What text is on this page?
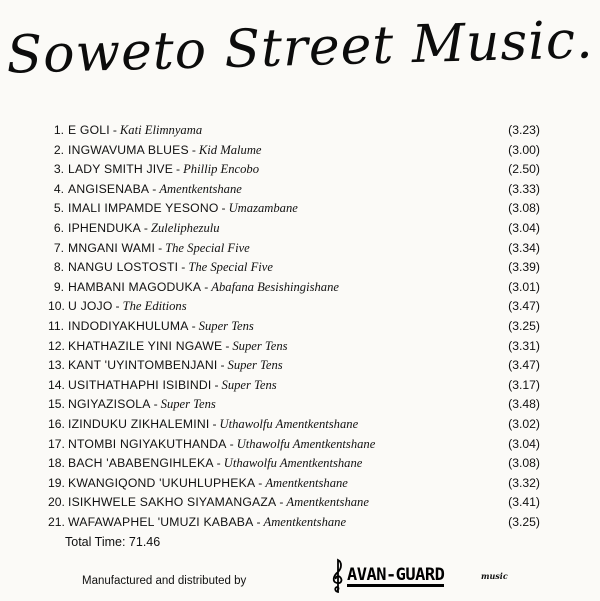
Soweto Street Music.
1. E GOLI - Kati Elimnyama	(3.23)
2. INGWAVUMA BLUES - Kid Malume	(3.00)
3. LADY SMITH JIVE - Phillip Encobo	(2.50)
4. ANGISENABA - Amentkentshane	(3.33)
5. IMALI IMPAMDE YESONO - Umazambane	(3.08)
6. IPHENDUKA - Zuleliphezulu	(3.04)
7. MNGANI WAMI - The Special Five	(3.34)
8. NANGU LOSTOSTI - The Special Five	(3.39)
9. HAMBANI MAGODUKA - Abafana Besishingishane	(3.01)
10. U JOJO - The Editions	(3.47)
11. INDODIYAKHULUMA - Super Tens	(3.25)
12. KHATHAZILE YINI NGAWE - Super Tens	(3.31)
13. KANT 'UYINTOMBENJANI - Super Tens	(3.47)
14. USITHATHAPHI ISIBINDI - Super Tens	(3.17)
15. NGIYAZISOLA - Super Tens	(3.48)
16. IZINDUKU ZIKHALEMINI - Uthawolfu Amentkentshane	(3.02)
17. NTOMBI NGIYAKUTHANDA - Uthawolfu Amentkentshane	(3.04)
18. BACH 'ABABENGIHLEKA - Uthawolfu Amentkentshane	(3.08)
19. KWANGIQOND 'UKUHLUPHEKA - Amentkentshane	(3.32)
20. ISIKHWELE SAKHO SIYAMANGAZA - Amentkentshane	(3.41)
21. WAFAWAPHEL 'UMUZI KABABA - Amentkentshane	(3.25)
Total Time: 71.46
Manufactured and distributed by	AVAN-GUARD	music
